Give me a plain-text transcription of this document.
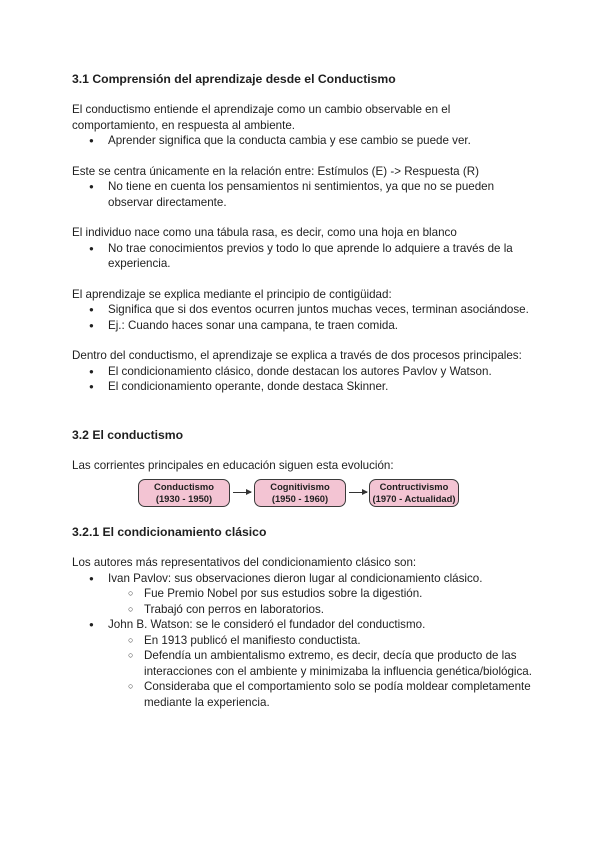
3.1 Comprensión del aprendizaje desde el Conductismo

El conductismo entiende el aprendizaje como un cambio observable en el comportamiento, en respuesta al ambiente.

● Aprender significa que la conducta cambia y ese cambio se puede ver.

Este se centra únicamente en la relación entre: Estímulos (E) -> Respuesta (R)

● No tiene en cuenta los pensamientos ni sentimientos, ya que no se pueden observar directamente.

El individuo nace como una tábula rasa, es decir, como una hoja en blanco

● No trae conocimientos previos y todo lo que aprende lo adquiere a través de la experiencia.

El aprendizaje se explica mediante el principio de contigüidad:

● Significa que si dos eventos ocurren juntos muchas veces, terminan asociándose.
● Ej.: Cuando haces sonar una campana, te traen comida.

Dentro del conductismo, el aprendizaje se explica a través de dos procesos principales:

● El condicionamiento clásico, donde destacan los autores Pavlov y Watson.
● El condicionamiento operante, donde destaca Skinner.
3.2 El conductismo

Las corrientes principales en educación siguen esta evolución:

Conductismo
(1930 - 1950)
Cognitivismo
(1950 - 1960)
Contructivismo
(1970 - Actualidad)
3.2.1 El condicionamiento clásico

Los autores más representativos del condicionamiento clásico son:

● Ivan Pavlov: sus observaciones dieron lugar al condicionamiento clásico.
○ Fue Premio Nobel por sus estudios sobre la digestión.
○ Trabajó con perros en laboratorios.
● John B. Watson: se le consideró el fundador del conductismo.
○ En 1913 publicó el manifiesto conductista.
○ Defendía un ambientalismo extremo, es decir, decía que producto de las interacciones con el ambiente y minimizaba la influencia genética/biológica.
○ Consideraba que el comportamiento solo se podía moldear completamente mediante la experiencia.
